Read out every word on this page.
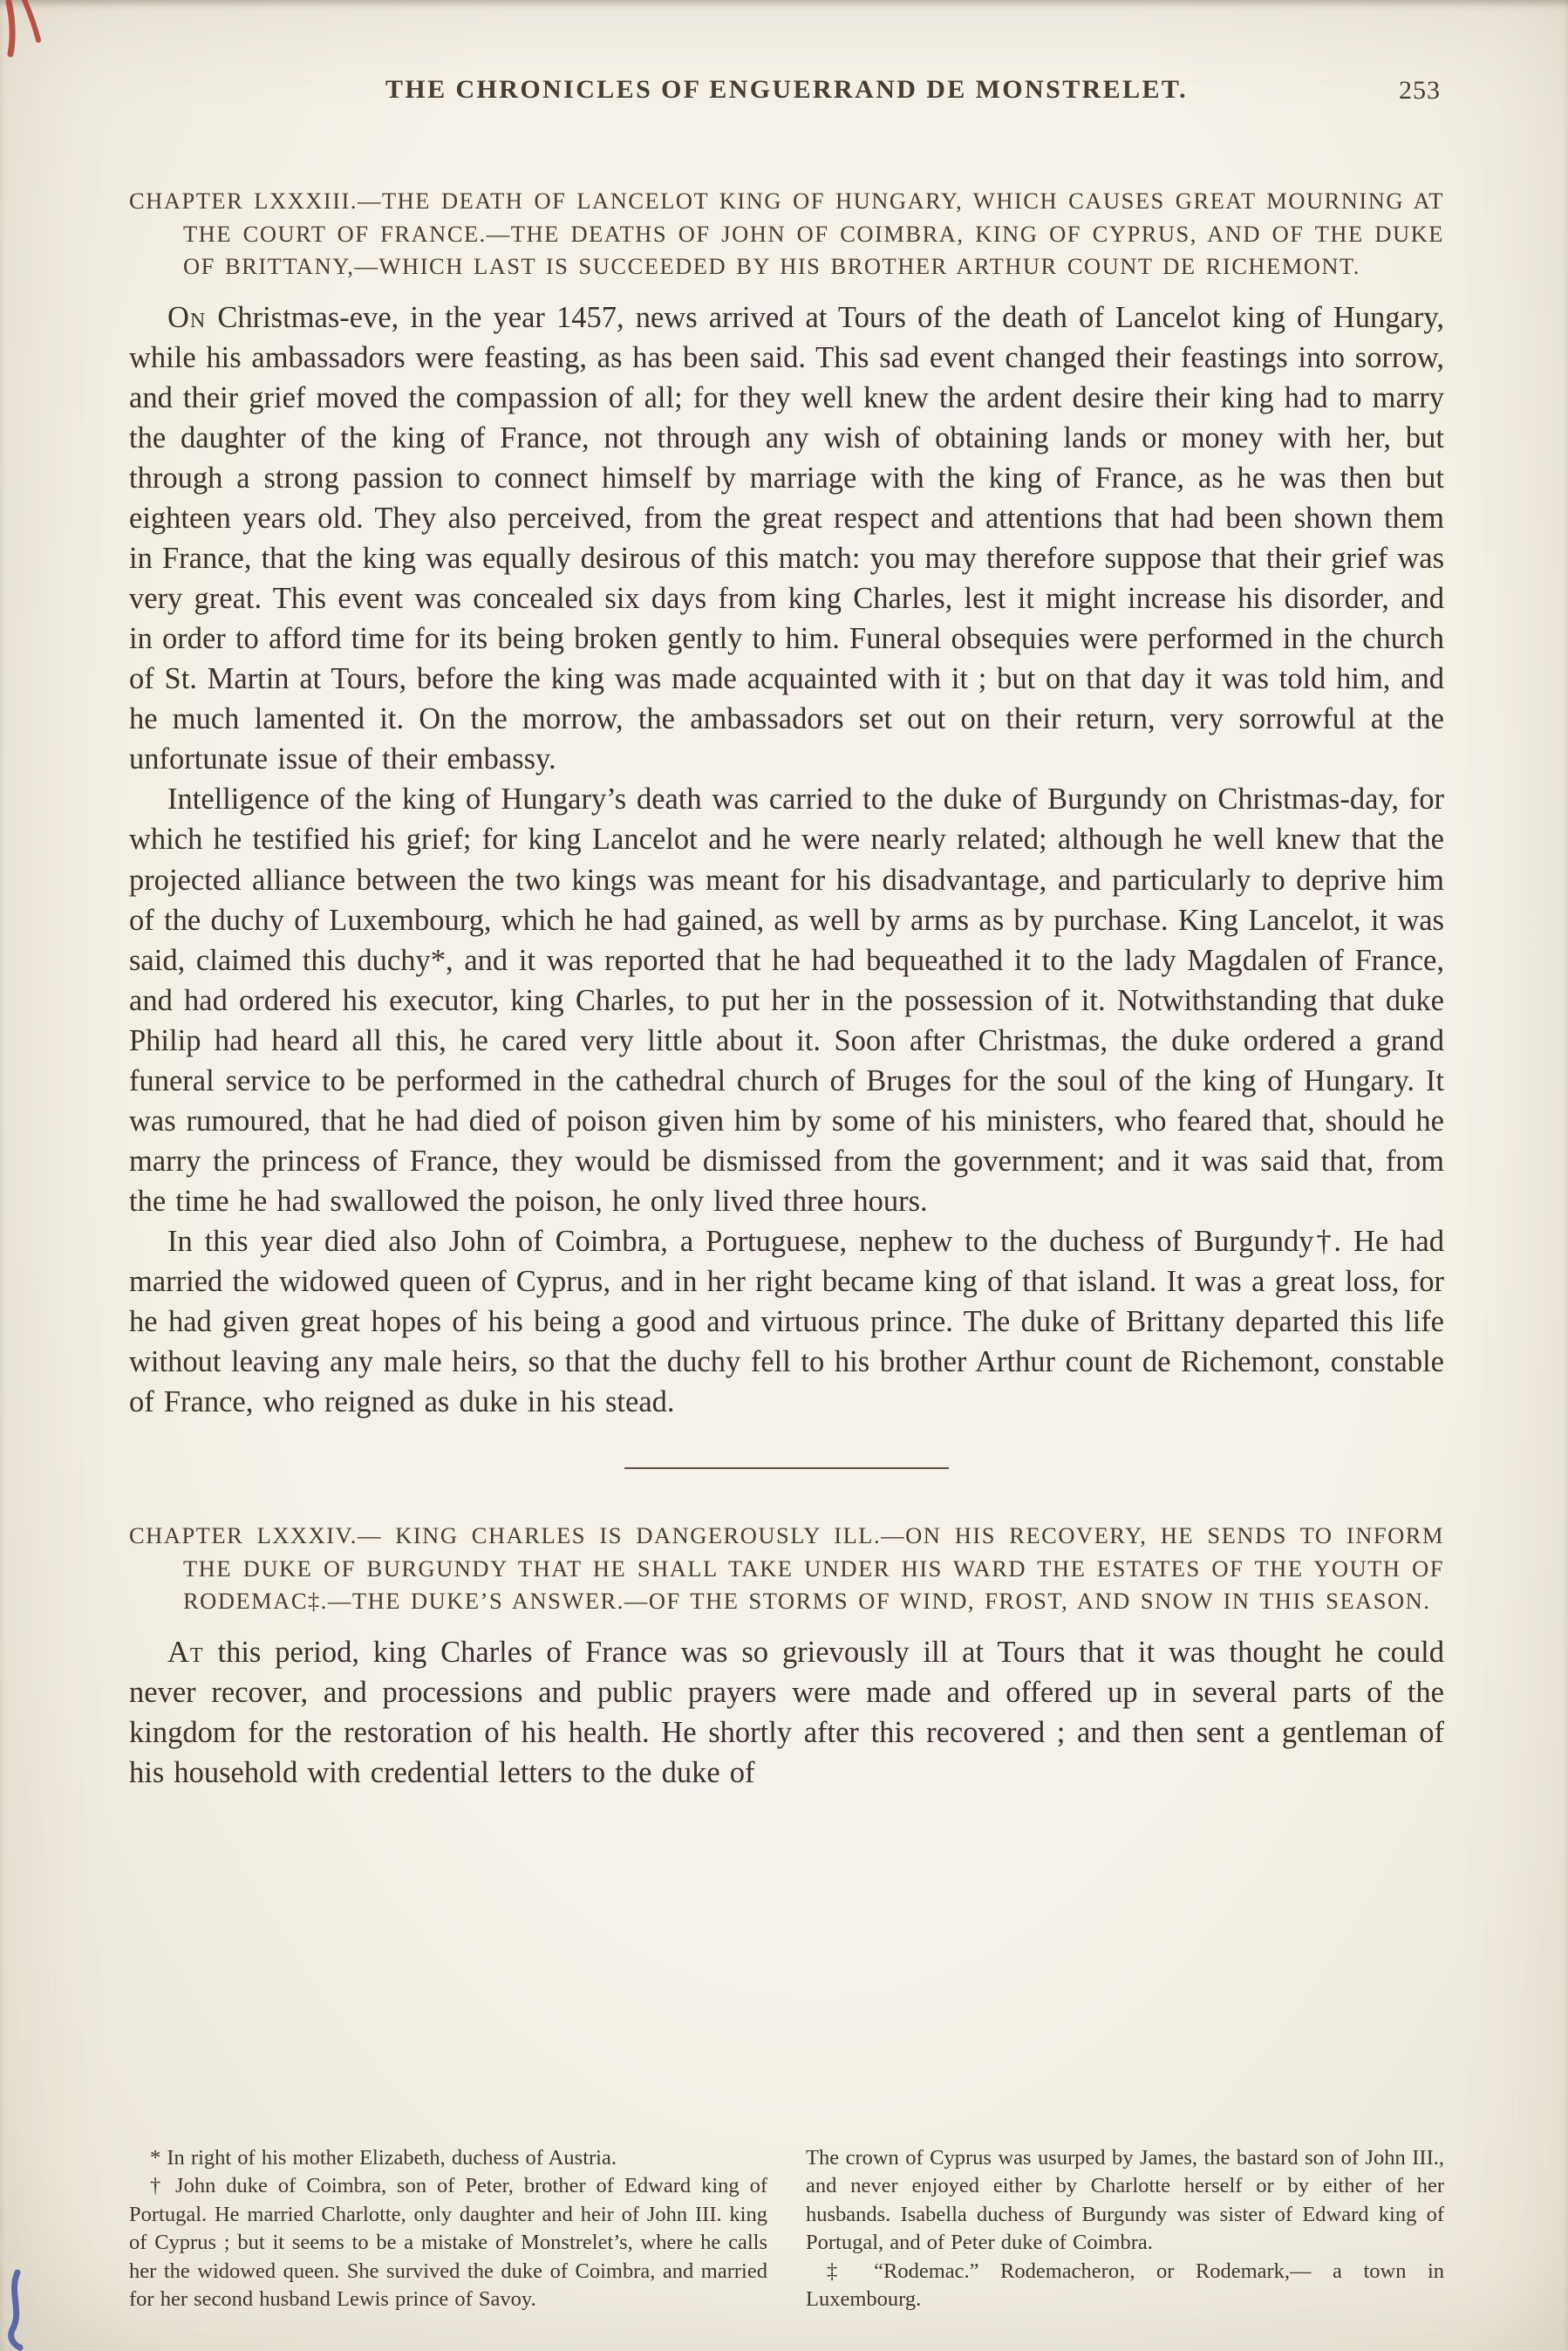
THE CHRONICLES OF ENGUERRAND DE MONSTRELET.	253
CHAPTER LXXXIII.—THE DEATH OF LANCELOT KING OF HUNGARY, WHICH CAUSES GREAT MOURNING AT THE COURT OF FRANCE.—THE DEATHS OF JOHN OF COIMBRA, KING OF CYPRUS, AND OF THE DUKE OF BRITTANY,—WHICH LAST IS SUCCEEDED BY HIS BROTHER ARTHUR COUNT DE RICHEMONT.

On Christmas-eve, in the year 1457, news arrived at Tours of the death of Lancelot king of Hungary, while his ambassadors were feasting, as has been said. This sad event changed their feastings into sorrow, and their grief moved the compassion of all; for they well knew the ardent desire their king had to marry the daughter of the king of France, not through any wish of obtaining lands or money with her, but through a strong passion to connect himself by marriage with the king of France, as he was then but eighteen years old. They also perceived, from the great respect and attentions that had been shown them in France, that the king was equally desirous of this match: you may therefore suppose that their grief was very great. This event was concealed six days from king Charles, lest it might increase his disorder, and in order to afford time for its being broken gently to him. Funeral obsequies were performed in the church of St. Martin at Tours, before the king was made acquainted with it ; but on that day it was told him, and he much lamented it. On the morrow, the ambassadors set out on their return, very sorrowful at the unfortunate issue of their embassy.

Intelligence of the king of Hungary’s death was carried to the duke of Burgundy on Christmas-day, for which he testified his grief; for king Lancelot and he were nearly related; although he well knew that the projected alliance between the two kings was meant for his disadvantage, and particularly to deprive him of the duchy of Luxembourg, which he had gained, as well by arms as by purchase. King Lancelot, it was said, claimed this duchy*, and it was reported that he had bequeathed it to the lady Magdalen of France, and had ordered his executor, king Charles, to put her in the possession of it. Notwithstanding that duke Philip had heard all this, he cared very little about it. Soon after Christmas, the duke ordered a grand funeral service to be performed in the cathedral church of Bruges for the soul of the king of Hungary. It was rumoured, that he had died of poison given him by some of his ministers, who feared that, should he marry the princess of France, they would be dismissed from the government; and it was said that, from the time he had swallowed the poison, he only lived three hours.

In this year died also John of Coimbra, a Portuguese, nephew to the duchess of Burgundy†. He had married the widowed queen of Cyprus, and in her right became king of that island. It was a great loss, for he had given great hopes of his being a good and virtuous prince. The duke of Brittany departed this life without leaving any male heirs, so that the duchy fell to his brother Arthur count de Richemont, constable of France, who reigned as duke in his stead.

CHAPTER LXXXIV.— KING CHARLES IS DANGEROUSLY ILL.—ON HIS RECOVERY, HE SENDS TO INFORM THE DUKE OF BURGUNDY THAT HE SHALL TAKE UNDER HIS WARD THE ESTATES OF THE YOUTH OF RODEMAC‡.—THE DUKE’S ANSWER.—OF THE STORMS OF WIND, FROST, AND SNOW IN THIS SEASON.

At this period, king Charles of France was so grievously ill at Tours that it was thought he could never recover, and processions and public prayers were made and offered up in several parts of the kingdom for the restoration of his health. He shortly after this recovered ; and then sent a gentleman of his household with credential letters to the duke of

* In right of his mother Elizabeth, duchess of Austria.

† John duke of Coimbra, son of Peter, brother of Edward king of Portugal. He married Charlotte, only daughter and heir of John III. king of Cyprus ; but it seems to be a mistake of Monstrelet’s, where he calls her the widowed queen. She survived the duke of Coimbra, and married for her second husband Lewis prince of Savoy.

The crown of Cyprus was usurped by James, the bastard son of John III., and never enjoyed either by Charlotte herself or by either of her husbands. Isabella duchess of Burgundy was sister of Edward king of Portugal, and of Peter duke of Coimbra.

‡ “Rodemac.” Rodemacheron, or Rodemark,— a town in Luxembourg.
